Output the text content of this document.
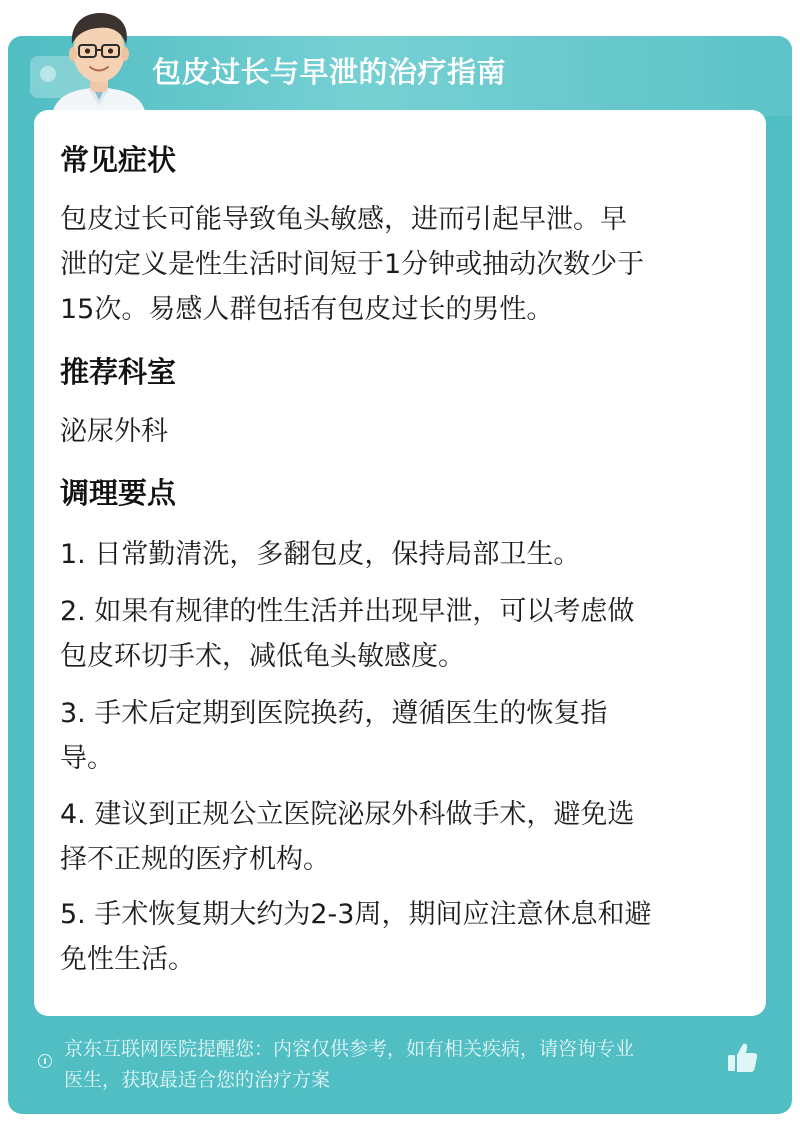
包皮过长与早泄的治疗指南
常见症状
包皮过长可能导致龟头敏感，进而引起早泄。早
泄的定义是性生活时间短于1分钟或抽动次数少于
15次。易感人群包括有包皮过长的男性。
推荐科室
泌尿外科
调理要点
1. 日常勤清洗，多翻包皮，保持局部卫生。
2. 如果有规律的性生活并出现早泄，可以考虑做
包皮环切手术，减低龟头敏感度。
3. 手术后定期到医院换药，遵循医生的恢复指
导。
4. 建议到正规公立医院泌尿外科做手术，避免选
择不正规的医疗机构。
5. 手术恢复期大约为2-3周，期间应注意休息和避
免性生活。
京东互联网医院提醒您：内容仅供参考，如有相关疾病，请咨询专业
医生，获取最适合您的治疗方案
